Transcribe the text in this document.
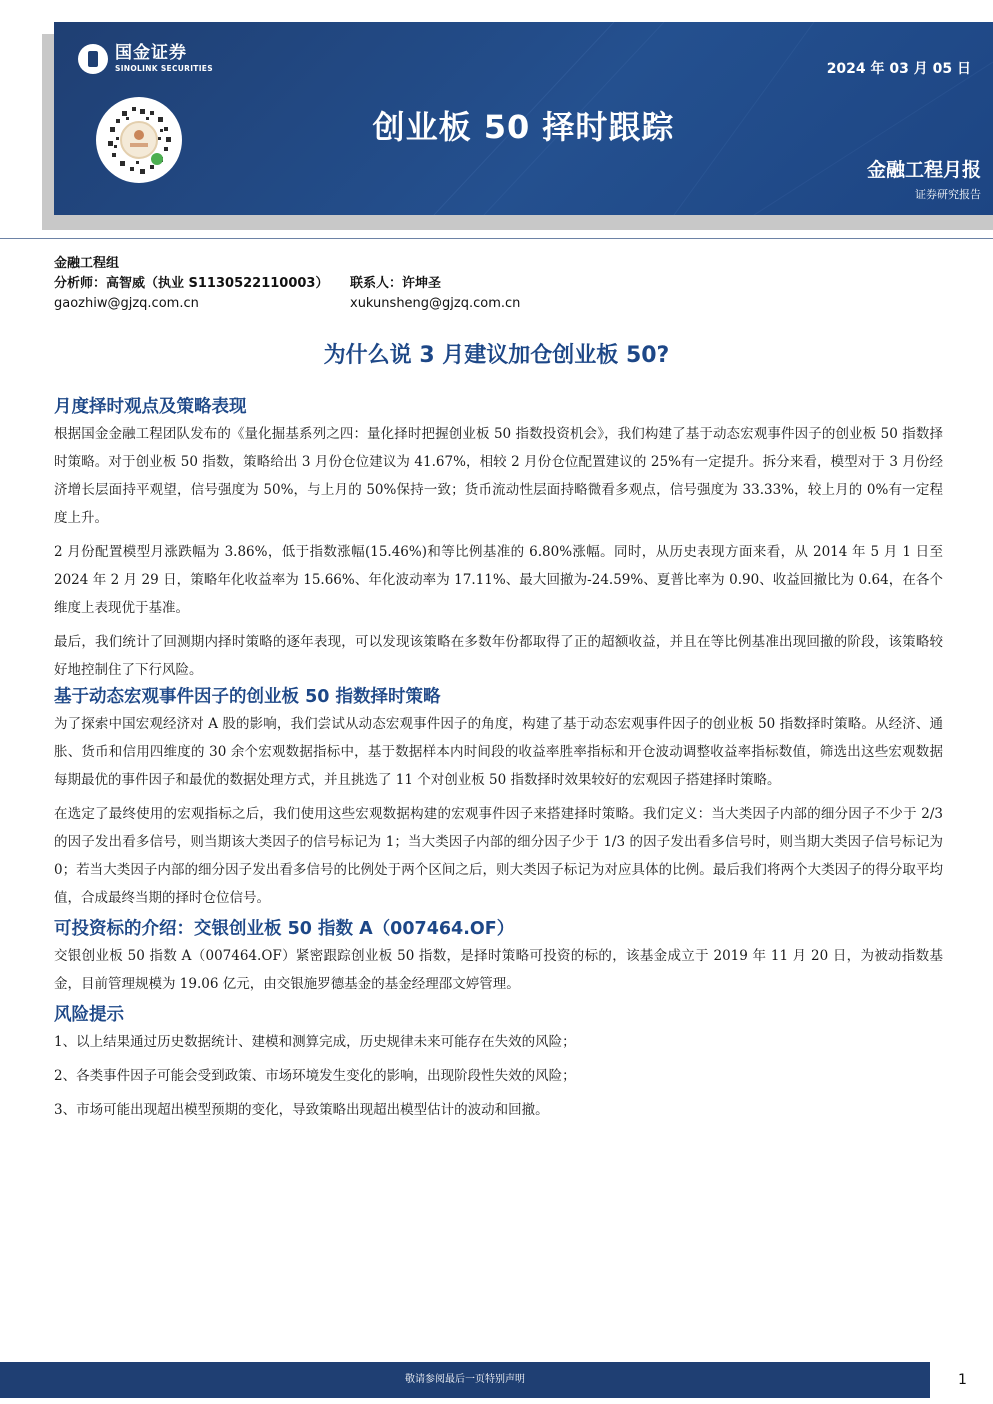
国金证券
SINOLINK SECURITIES	2024 年 03 月 05 日
创业板 50 择时跟踪
金融工程月报
证券研究报告
金融工程组
分析师：高智威（执业 S1130522110003）	联系人：许坤圣
gaozhiw@gjzq.com.cn	xukunsheng@gjzq.com.cn
为什么说 3 月建议加仓创业板 50?
月度择时观点及策略表现

根据国金金融工程团队发布的《量化掘基系列之四：量化择时把握创业板 50 指数投资机会》，我们构建了基于动态宏观事件因子的创业板 50 指数择时策略。对于创业板 50 指数，策略给出 3 月份仓位建议为 41.67%，相较 2 月份仓位配置建议的 25%有一定提升。拆分来看，模型对于 3 月份经济增长层面持平观望，信号强度为 50%，与上月的 50%保持一致；货币流动性层面持略微看多观点，信号强度为 33.33%，较上月的 0%有一定程度上升。

2 月份配置模型月涨跌幅为 3.86%，低于指数涨幅(15.46%)和等比例基准的 6.80%涨幅。同时，从历史表现方面来看，从 2014 年 5 月 1 日至 2024 年 2 月 29 日，策略年化收益率为 15.66%、年化波动率为 17.11%、最大回撤为-24.59%、夏普比率为 0.90、收益回撤比为 0.64，在各个维度上表现优于基准。

最后，我们统计了回测期内择时策略的逐年表现，可以发现该策略在多数年份都取得了正的超额收益，并且在等比例基准出现回撤的阶段，该策略较好地控制住了下行风险。

基于动态宏观事件因子的创业板 50 指数择时策略

为了探索中国宏观经济对 A 股的影响，我们尝试从动态宏观事件因子的角度，构建了基于动态宏观事件因子的创业板 50 指数择时策略。从经济、通胀、货币和信用四维度的 30 余个宏观数据指标中，基于数据样本内时间段的收益率胜率指标和开仓波动调整收益率指标数值，筛选出这些宏观数据每期最优的事件因子和最优的数据处理方式，并且挑选了 11 个对创业板 50 指数择时效果较好的宏观因子搭建择时策略。

在选定了最终使用的宏观指标之后，我们使用这些宏观数据构建的宏观事件因子来搭建择时策略。我们定义：当大类因子内部的细分因子不少于 2/3 的因子发出看多信号，则当期该大类因子的信号标记为 1；当大类因子内部的细分因子少于 1/3 的因子发出看多信号时，则当期大类因子信号标记为 0；若当大类因子内部的细分因子发出看多信号的比例处于两个区间之后，则大类因子标记为对应具体的比例。最后我们将两个大类因子的得分取平均值，合成最终当期的择时仓位信号。

可投资标的介绍：交银创业板 50 指数 A（007464.OF）

交银创业板 50 指数 A（007464.OF）紧密跟踪创业板 50 指数，是择时策略可投资的标的，该基金成立于 2019 年 11 月 20 日，为被动指数基金，目前管理规模为 19.06 亿元，由交银施罗德基金的基金经理邵文婷管理。

风险提示

1、以上结果通过历史数据统计、建模和测算完成，历史规律未来可能存在失效的风险；

2、各类事件因子可能会受到政策、市场环境发生变化的影响，出现阶段性失效的风险；

3、市场可能出现超出模型预期的变化，导致策略出现超出模型估计的波动和回撤。

敬请参阅最后一页特别声明	1
